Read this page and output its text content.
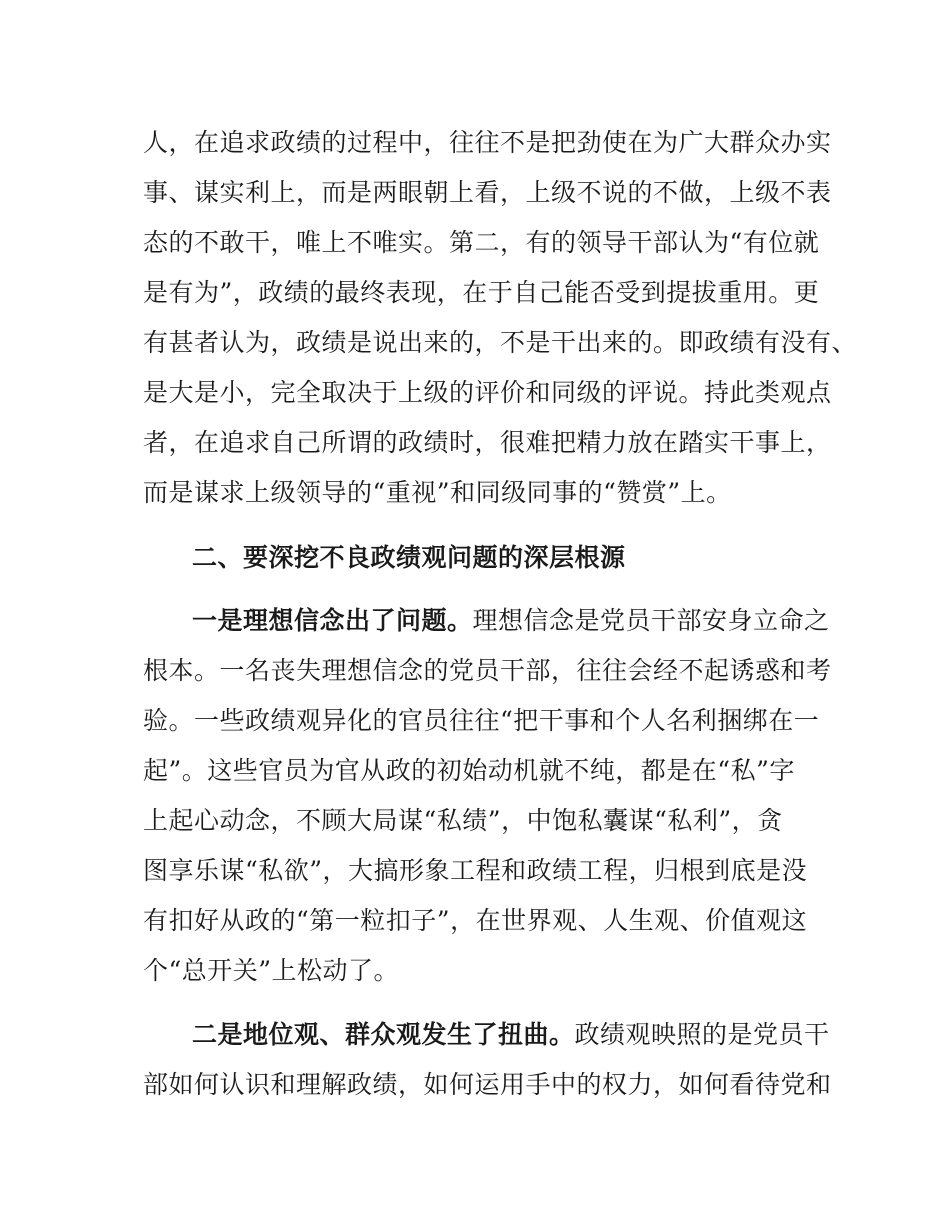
人，在追求政绩的过程中，往往不是把劲使在为广大群众办实
事、谋实利上，而是两眼朝上看，上级不说的不做，上级不表
态的不敢干，唯上不唯实。第二，有的领导干部认为“有位就
是有为”，政绩的最终表现，在于自己能否受到提拔重用。更
有甚者认为，政绩是说出来的，不是干出来的。即政绩有没有、
是大是小，完全取决于上级的评价和同级的评说。持此类观点
者，在追求自己所谓的政绩时，很难把精力放在踏实干事上，
而是谋求上级领导的“重视”和同级同事的“赞赏”上。
二、要深挖不良政绩观问题的深层根源
一是理想信念出了问题。理想信念是党员干部安身立命之
根本。一名丧失理想信念的党员干部，往往会经不起诱惑和考
验。一些政绩观异化的官员往往“把干事和个人名利捆绑在一
起”。这些官员为官从政的初始动机就不纯，都是在“私”字
上起心动念，不顾大局谋“私绩”，中饱私囊谋“私利”，贪
图享乐谋“私欲”，大搞形象工程和政绩工程，归根到底是没
有扣好从政的“第一粒扣子”，在世界观、人生观、价值观这
个“总开关”上松动了。
二是地位观、群众观发生了扭曲。政绩观映照的是党员干
部如何认识和理解政绩，如何运用手中的权力，如何看待党和
